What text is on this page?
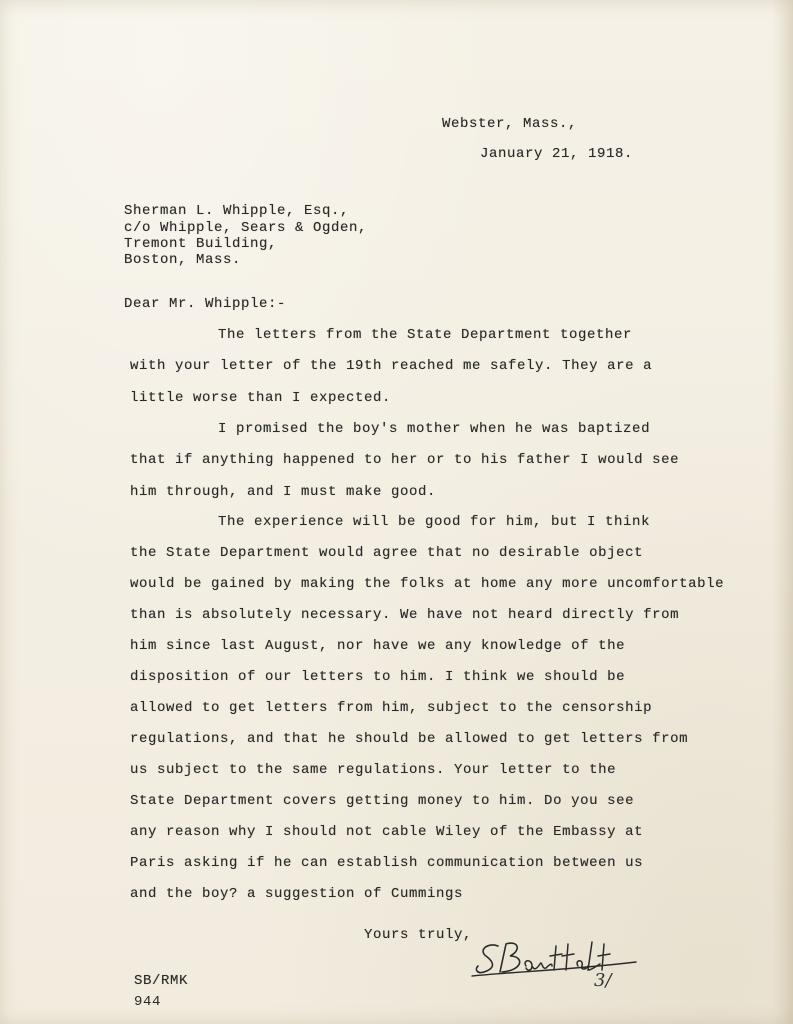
Webster, Mass.,
January 21, 1918.
Sherman L. Whipple, Esq.,
c/o Whipple, Sears & Ogden,
Tremont Building,
Boston, Mass.
Dear Mr. Whipple:-
The letters from the State Department together
with your letter of the 19th reached me safely. They are a
little worse than I expected.
I promised the boy's mother when he was baptized
that if anything happened to her or to his father I would see
him through, and I must make good.
The experience will be good for him, but I think
the State Department would agree that no desirable object
would be gained by making the folks at home any more uncomfortable
than is absolutely necessary. We have not heard directly from
him since last August, nor have we any knowledge of the
disposition of our letters to him. I think we should be
allowed to get letters from him, subject to the censorship
regulations, and that he should be allowed to get letters from
us subject to the same regulations. Your letter to the
State Department covers getting money to him. Do you see
any reason why I should not cable Wiley of the Embassy at
Paris asking if he can establish communication between us
and the boy? a suggestion of Cummings
Yours truly,
3/
SB/RMK
944
